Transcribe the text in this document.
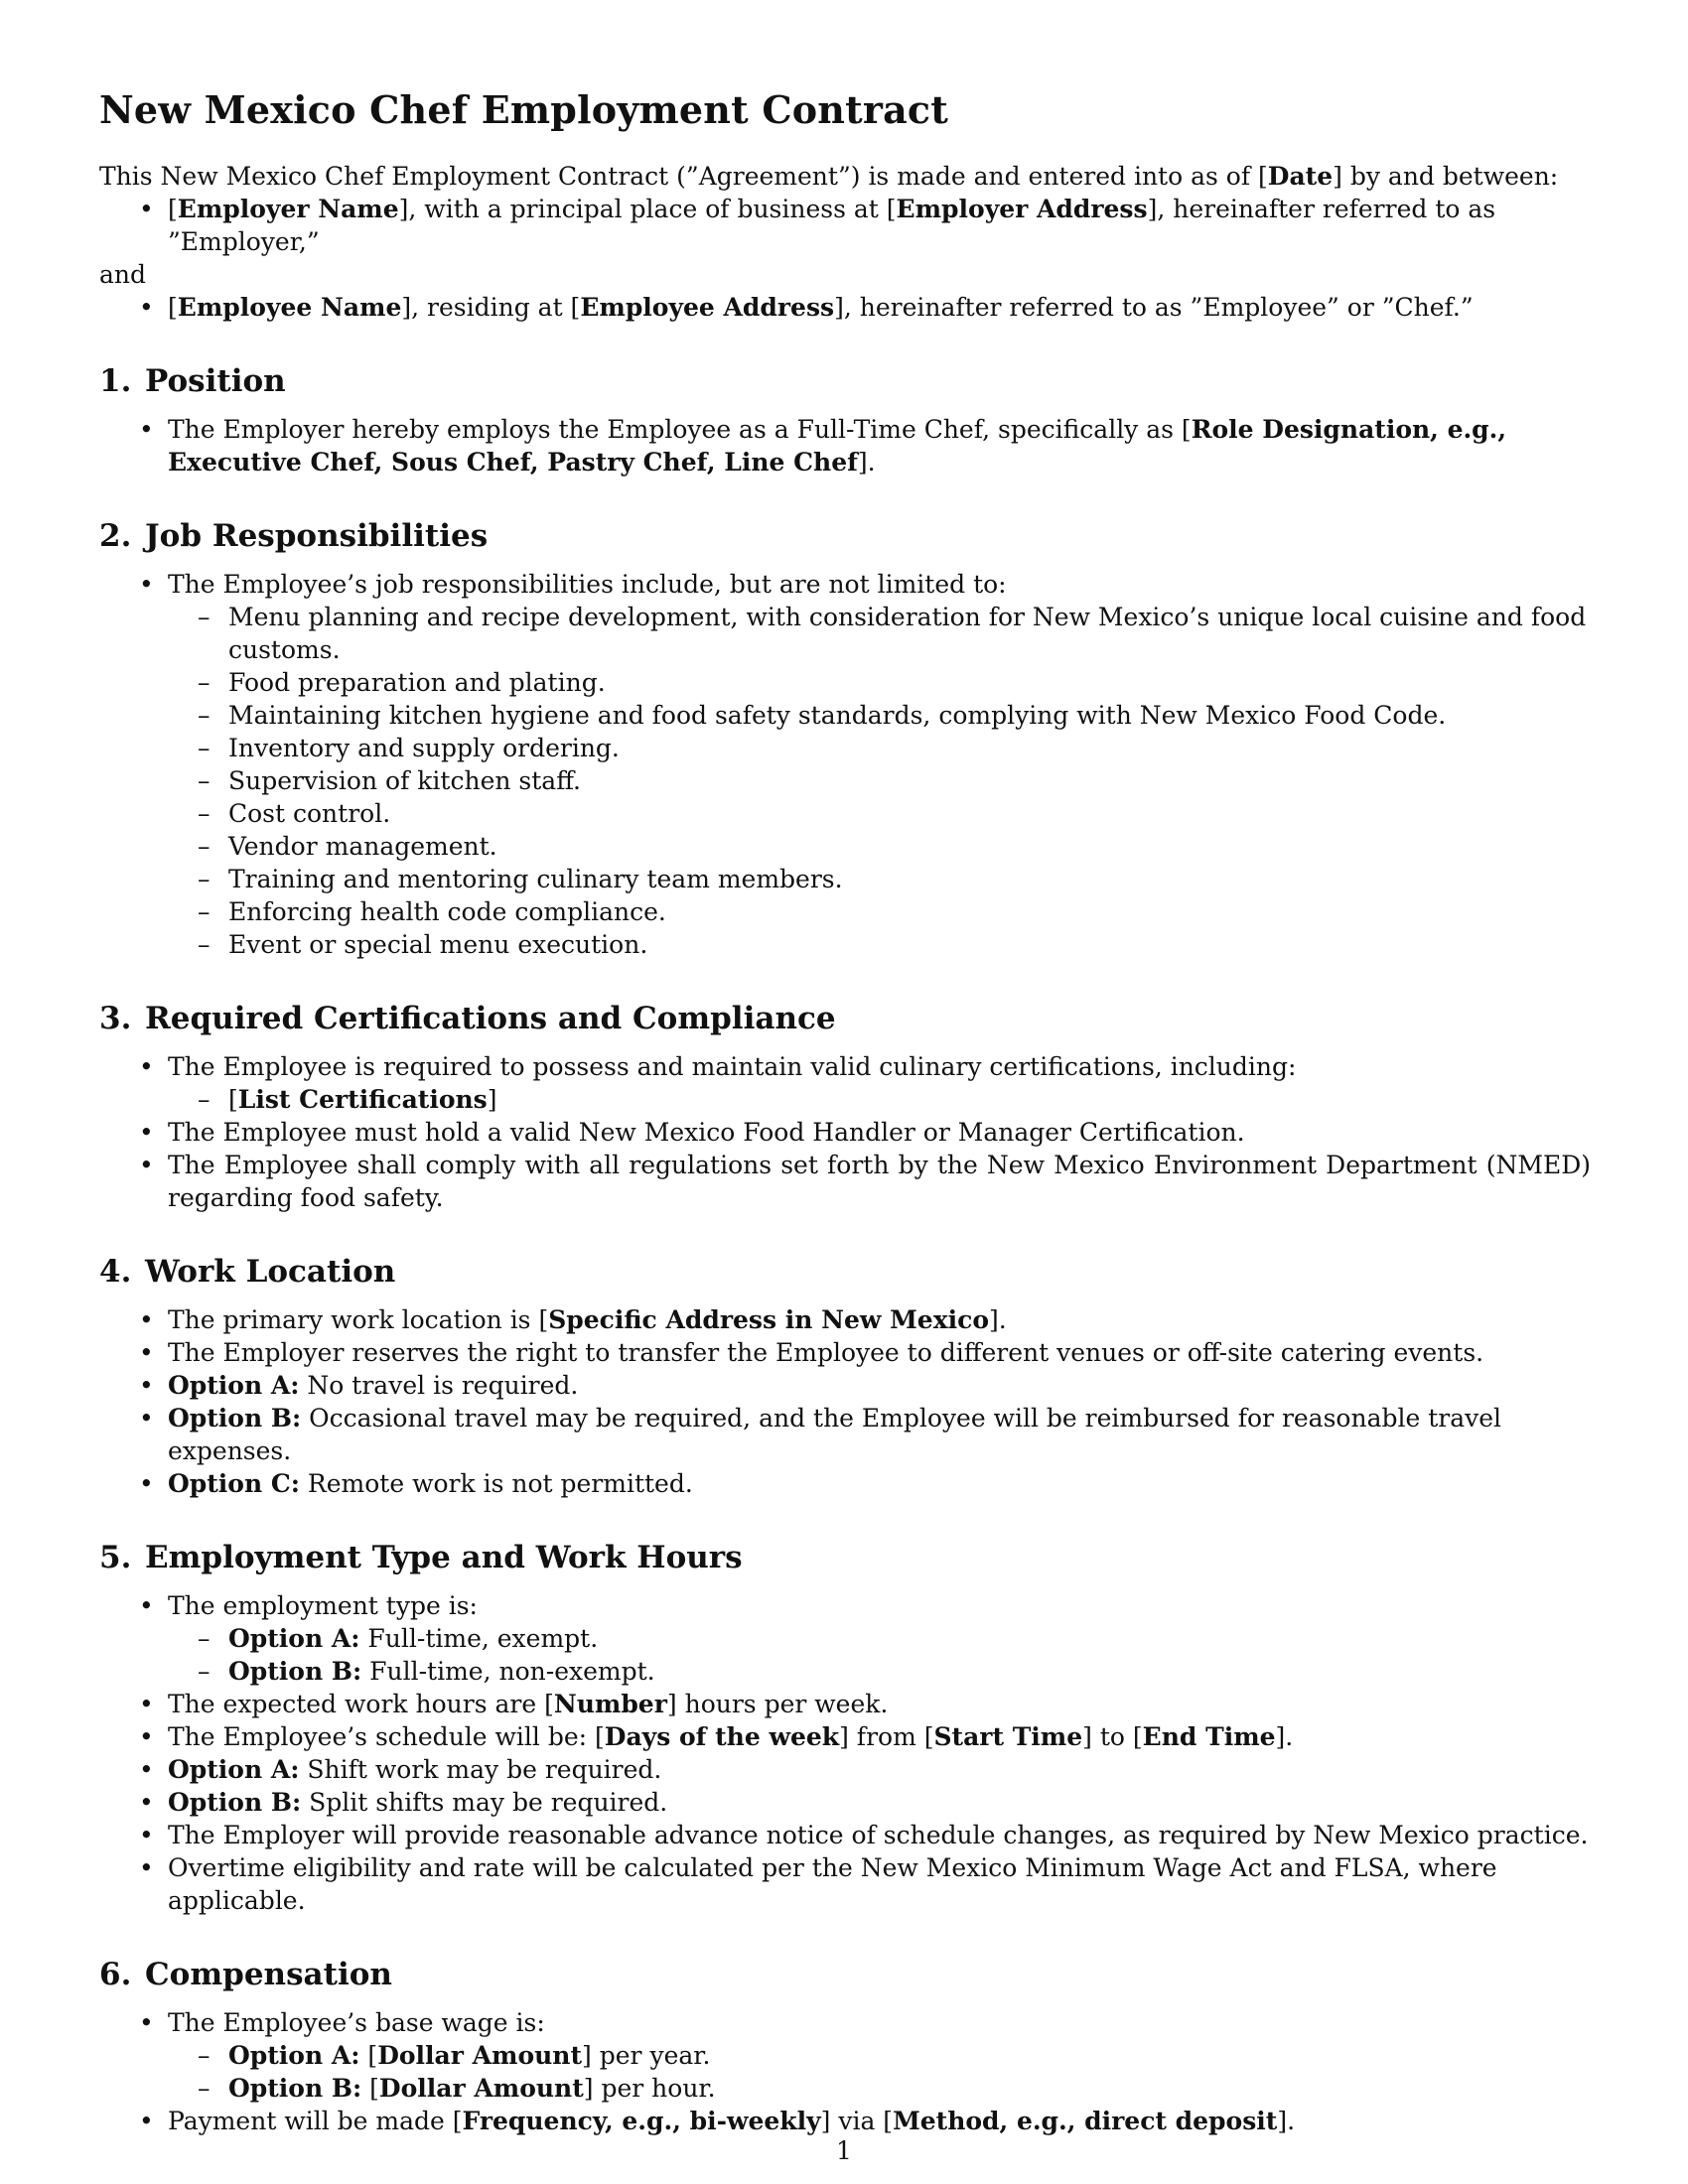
New Mexico Chef Employment Contract

This New Mexico Chef Employment Contract (”Agreement”) is made and entered into as of [Date] by and between:

• [Employer Name], with a principal place of business at [Employer Address], hereinafter referred to as ”Employer,”

and

• [Employee Name], residing at [Employee Address], hereinafter referred to as ”Employee” or ”Chef.”
1. Position
• The Employer hereby employs the Employee as a Full-Time Chef, specifically as [Role Designation, e.g., Executive Chef, Sous Chef, Pastry Chef, Line Chef].
2. Job Responsibilities
• The Employee’s job responsibilities include, but are not limited to:
– Menu planning and recipe development, with consideration for New Mexico’s unique local cuisine and food customs.
– Food preparation and plating.
– Maintaining kitchen hygiene and food safety standards, complying with New Mexico Food Code.
– Inventory and supply ordering.
– Supervision of kitchen staff.
– Cost control.
– Vendor management.
– Training and mentoring culinary team members.
– Enforcing health code compliance.
– Event or special menu execution.
3. Required Certifications and Compliance
• The Employee is required to possess and maintain valid culinary certifications, including:
– [List Certifications]
• The Employee must hold a valid New Mexico Food Handler or Manager Certification.
• The Employee shall comply with all regulations set forth by the New Mexico Environment Department (NMED) regarding food safety.
4. Work Location
• The primary work location is [Specific Address in New Mexico].
• The Employer reserves the right to transfer the Employee to different venues or off-site catering events.
• Option A: No travel is required.
• Option B: Occasional travel may be required, and the Employee will be reimbursed for reasonable travel expenses.
• Option C: Remote work is not permitted.
5. Employment Type and Work Hours
• The employment type is:
– Option A: Full-time, exempt.
– Option B: Full-time, non-exempt.
• The expected work hours are [Number] hours per week.
• The Employee’s schedule will be: [Days of the week] from [Start Time] to [End Time].
• Option A: Shift work may be required.
• Option B: Split shifts may be required.
• The Employer will provide reasonable advance notice of schedule changes, as required by New Mexico practice.
• Overtime eligibility and rate will be calculated per the New Mexico Minimum Wage Act and FLSA, where applicable.
6. Compensation
• The Employee’s base wage is:
– Option A: [Dollar Amount] per year.
– Option B: [Dollar Amount] per hour.
• Payment will be made [Frequency, e.g., bi-weekly] via [Method, e.g., direct deposit].
1
